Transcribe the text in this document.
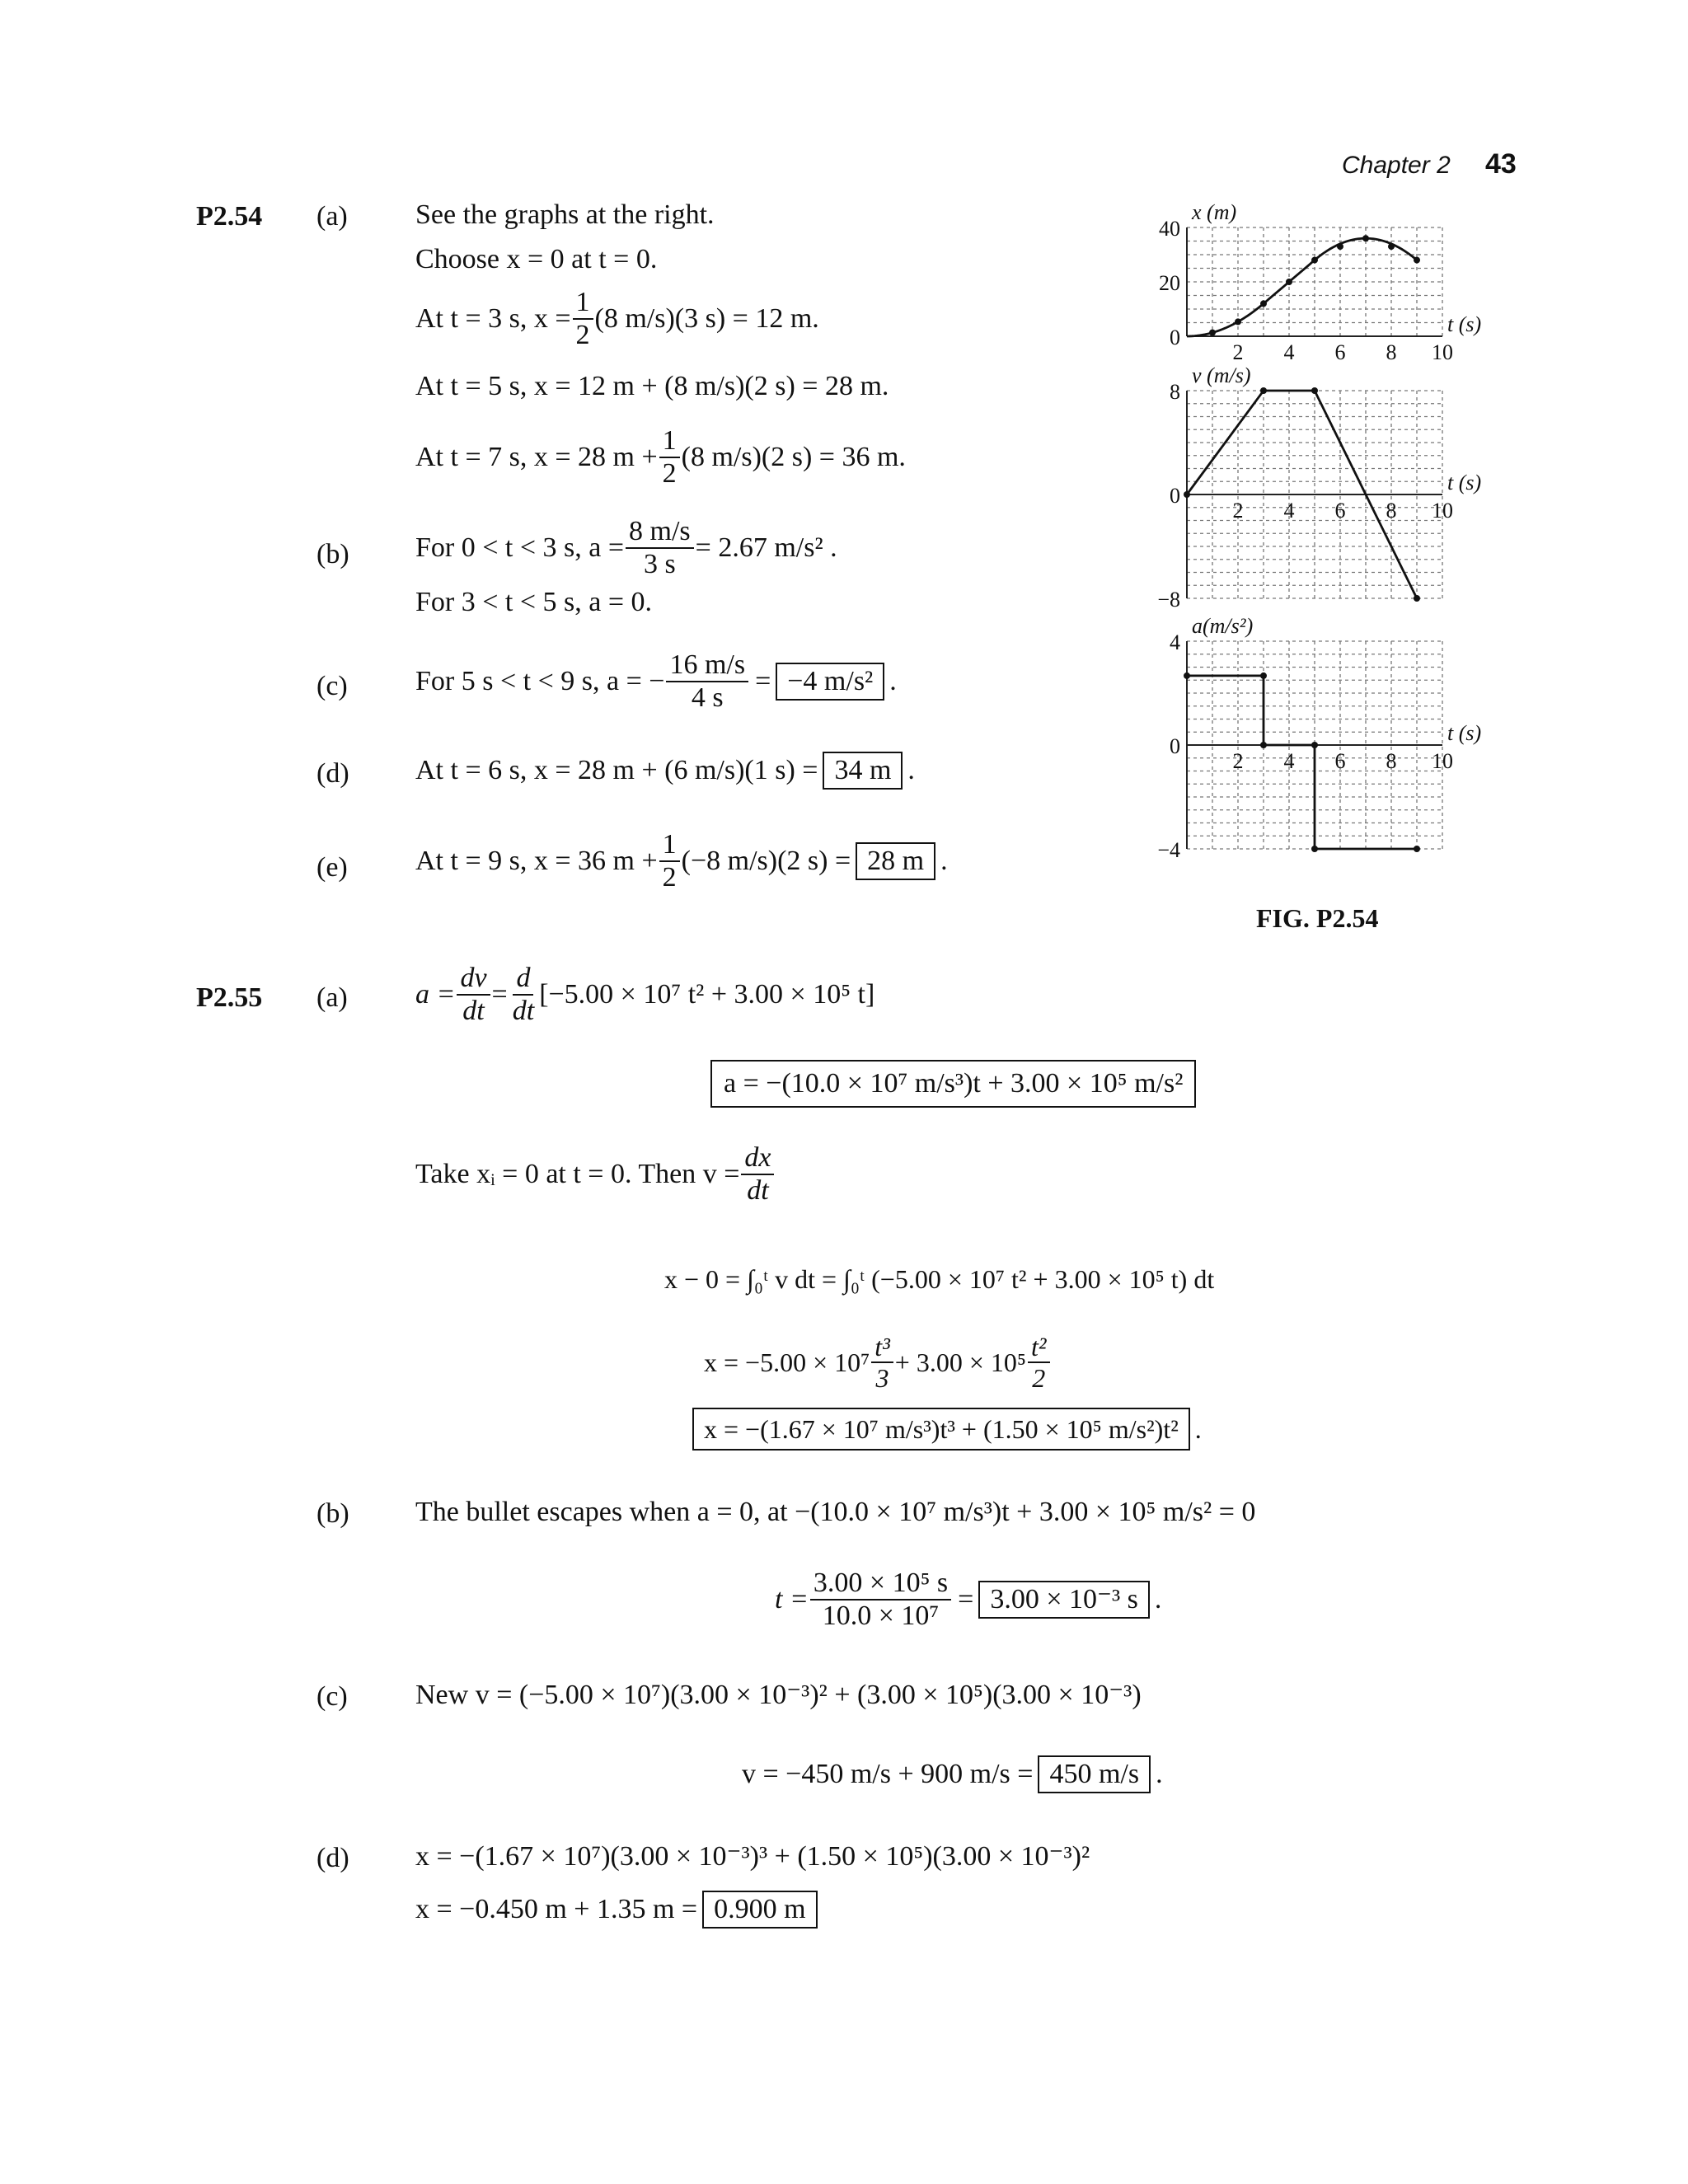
Chapter 2 43
P2.54 (a) See the graphs at the right.
Choose x = 0 at t = 0.
At t = 3 s, $x = \frac{1}{2} (8$ m/s)(3 s) = 12 m.
At t = 5 s, x = 12 m + (8 m/s)(2 s) = 28 m.
At t = 7 s, x = 28 $m + \frac{1}{2} (8$ m/s)(2 s) = 36 m.
(b) For 0 < t < 3 s, $a = \frac{8 m/s}{3 s} = 2.67$ m/s² .
For 3 < t < 5 s, a = 0.
(c) For 5 s < t < 9 s, a = − $\frac{16 m/s}{4 s} = -4$ m/s² .
(d) At t = 6 s, x = 28 m + (6 m/s)(1 s) = 34 m .
(e) At t = 9 s, x = 36 $m + \frac{1}{2} (-8$ m/s)(2 s) = 28 m .
40
20
0
2 4 6 8 10
x (m)
t (s)
8
0
−8
2 4 6 8 10
v (m/s)
t (s)
4
0
−4
2 4 6 8 10
a(m/s²)
t (s)
FIG. P2.54
P2.55 (a) $a = \frac{dv}{dt} = \frac{d}{dt} [-5.00 \times 10^7$ t² + 3.00 × 10⁵ t]
a = −(10.0 × 10⁷ m/s³)t + 3.00 × 10⁵ m/s²
Take xᵢ = 0 at t = 0. Then $v = \frac{dx}{dt}$
x − 0 = ∫₀ᵗ v dt = ∫₀ᵗ (−5.00 × 10⁷ t² + 3.00 × 10⁵ t) dt
$x = -5.00 \times 10^7 \frac{\text{t³}}{3} + 3.00 \times 10^5 \frac{\text{t²}}{2}$
x = −(1.67 × 10⁷ m/s³)t³ + (1.50 × 10⁵ m/s²)t² .
(b) The bullet escapes when a = 0, at −(10.0 × 10⁷ m/s³)t + 3.00 × 10⁵ m/s² = 0
$t = \frac{\text{3.00 × 10⁵ s}}{\text{10.0 × 10⁷}} = 3.00 \times 10^{-3}$ s .
(c) New v = (−5.00 × 10⁷)(3.00 × 10⁻³)² + (3.00 × 10⁵)(3.00 × 10⁻³)
v = −450 m/s + 900 m/s = 450 m/s .
(d) x = −(1.67 × 10⁷)(3.00 × 10⁻³)³ + (1.50 × 10⁵)(3.00 × 10⁻³)²
x = −0.450 m + 1.35 m = 0.900 m
